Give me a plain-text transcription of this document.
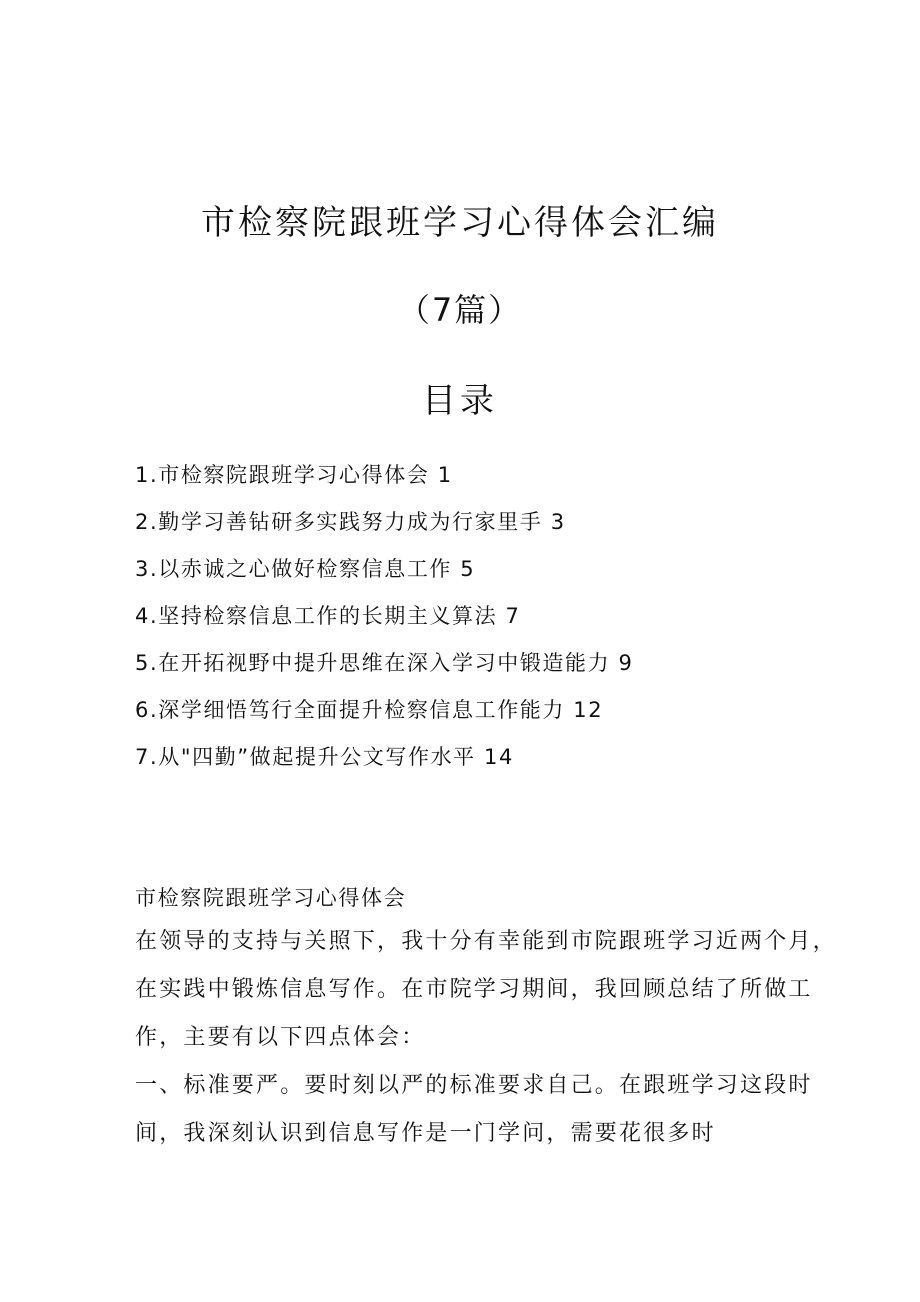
市检察院跟班学习心得体会汇编
（7篇）
目录
1.市检察院跟班学习心得体会 1
2.勤学习善钻研多实践努力成为行家里手 3
3.以赤诚之心做好检察信息工作 5
4.坚持检察信息工作的长期主义算法 7
5.在开拓视野中提升思维在深入学习中锻造能力 9
6.深学细悟笃行全面提升检察信息工作能力 12
7.从"四勤”做起提升公文写作水平 14
市检察院跟班学习心得体会

在领导的支持与关照下，我十分有幸能到市院跟班学习近两个月，
在实践中锻炼信息写作。在市院学习期间，我回顾总结了所做工
作，主要有以下四点体会：
一、标准要严。要时刻以严的标准要求自己。在跟班学习这段时
间，我深刻认识到信息写作是一门学问，需要花很多时
